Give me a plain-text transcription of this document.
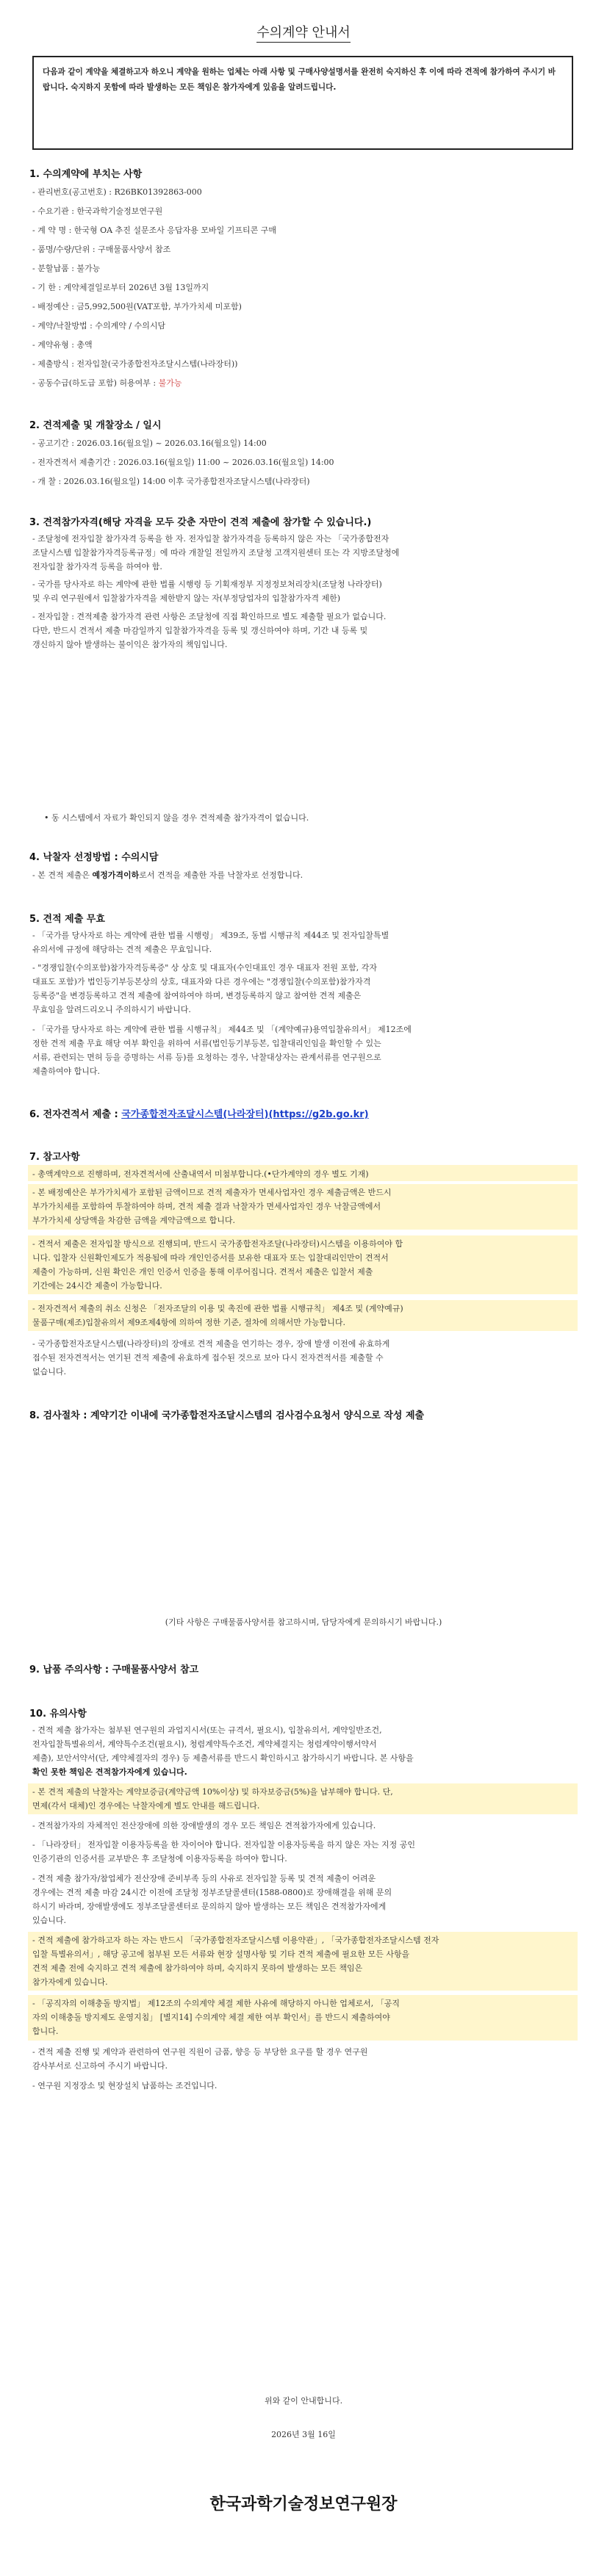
수의계약 안내서
다음과 같이 계약을 체결하고자 하오니 계약을 원하는 업체는 아래 사항 및 구매사양설명서를 완전히 숙지하신 후 이에 따라 견적에 참가하여 주시기 바랍니다. 숙지하지 못함에 따라 발생하는 모든 책임은 참가자에게 있음을 알려드립니다.
1. 수의계약에 부치는 사항
- 관리번호(공고번호) : R26BK01392863-000
- 수요기관 : 한국과학기술정보연구원
- 계 약 명 : 한국형 OA 추진 설문조사 응답자용 모바일 기프티콘 구매
- 품명/수량/단위 : 구매물품사양서 참조
- 분할납품 : 불가능
- 기 한 : 계약체결일로부터 2026년 3월 13일까지
- 배정예산 : 금5,992,500원(VAT포함, 부가가치세 미포함)
- 계약/낙찰방법 : 수의계약 / 수의시담
- 계약유형 : 총액
- 제출방식 : 전자입찰(국가종합전자조달시스템(나라장터))
- 공동수급(하도급 포함) 허용여부 : 불가능
2. 견적제출 및 개찰장소 / 일시
- 공고기간 : 2026.03.16(월요일) ~ 2026.03.16(월요일) 14:00
- 전자견적서 제출기간 : 2026.03.16(월요일) 11:00 ~ 2026.03.16(월요일) 14:00
- 개 찰 : 2026.03.16(월요일) 14:00 이후 국가종합전자조달시스템(나라장터)
3. 견적참가자격(해당 자격을 모두 갖춘 자만이 견적 제출에 참가할 수 있습니다.)
- 조달청에 전자입찰 참가자격 등록을 한 자. 전자입찰 참가자격을 등록하지 않은 자는 「국가종합전자
조달시스템 입찰참가자격등록규정」에 따라 개찰일 전일까지 조달청 고객지원센터 또는 각 지방조달청에
전자입찰 참가자격 등록을 하여야 함.
- 국가를 당사자로 하는 계약에 관한 법률 시행령 등 기획재정부 지정정보처리장치(조달청 나라장터)
및 우리 연구원에서 입찰참가자격을 제한받지 않는 자(부정당업자의 입찰참가자격 제한)
- 전자입찰 : 견적제출 참가자격 관련 사항은 조달청에 직접 확인하므로 별도 제출할 필요가 없습니다.
다만, 반드시 견적서 제출 마감일까지 입찰참가자격을 등록 및 갱신하여야 하며, 기간 내 등록 및
갱신하지 않아 발생하는 불이익은 참가자의 책임입니다.
• 동 시스템에서 자료가 확인되지 않을 경우 견적제출 참가자격이 없습니다.
4. 낙찰자 선정방법 : 수의시담
- 본 견적 제출은 예정가격이하로서 견적을 제출한 자를 낙찰자로 선정합니다.
5. 견적 제출 무효
- 「국가를 당사자로 하는 계약에 관한 법률 시행령」 제39조, 동법 시행규칙 제44조 및 전자입찰특별
유의서에 규정에 해당하는 견적 제출은 무효입니다.
- "경쟁입찰(수의포함)참가자격등록증" 상 상호 및 대표자(수인대표인 경우 대표자 전원 포함, 각자
대표도 포함)가 법인등기부등본상의 상호, 대표자와 다른 경우에는 "경쟁입찰(수의포함)참가자격
등록증"을 변경등록하고 견적 제출에 참여하여야 하며, 변경등록하지 않고 참여한 견적 제출은
무효임을 알려드리오니 주의하시기 바랍니다.
- 「국가를 당사자로 하는 계약에 관한 법률 시행규칙」 제44조 및 「(계약예규)용역입찰유의서」 제12조에
정한 견적 제출 무효 해당 여부 확인을 위하여 서류(법인등기부등본, 입찰대리인임을 확인할 수 있는
서류, 관련되는 면허 등을 증명하는 서류 등)를 요청하는 경우, 낙찰대상자는 관계서류를 연구원으로
제출하여야 합니다.
6. 전자견적서 제출 : 국가종합전자조달시스템(나라장터)(https://g2b.go.kr)
7. 참고사항
- 총액계약으로 진행하며, 전자견적서에 산출내역서 미첨부합니다.(•단가계약의 경우 별도 기재)
- 본 배정예산은 부가가치세가 포함된 금액이므로 견적 제출자가 면세사업자인 경우 제출금액은 반드시
부가가치세를 포함하여 투찰하여야 하며, 견적 제출 결과 낙찰자가 면세사업자인 경우 낙찰금액에서
부가가치세 상당액을 차감한 금액을 계약금액으로 합니다.
- 견적서 제출은 전자입찰 방식으로 진행되며, 반드시 국가종합전자조달(나라장터)시스템을 이용하여야 합
니다. 입찰자 신원확인제도가 적용됨에 따라 개인인증서를 보유한 대표자 또는 입찰대리인만이 견적서
제출이 가능하며, 신원 확인은 개인 인증서 인증을 통해 이루어집니다. 견적서 제출은 입찰서 제출
기간에는 24시간 제출이 가능합니다.
- 전자견적서 제출의 취소 신청은 「전자조달의 이용 및 촉진에 관한 법률 시행규칙」 제4조 및 (계약예규)
물품구매(제조)입찰유의서 제9조제4항에 의하여 정한 기준, 절차에 의해서만 가능합니다.
- 국가종합전자조달시스템(나라장터)의 장애로 견적 제출을 연기하는 경우, 장애 발생 이전에 유효하게
접수된 전자견적서는 연기된 견적 제출에 유효하게 접수된 것으로 보아 다시 전자견적서를 제출할 수
없습니다.
8. 검사절차 : 계약기간 이내에 국가종합전자조달시스템의 검사검수요청서 양식으로 작성 제출
(기타 사항은 구매물품사양서를 참고하시며, 담당자에게 문의하시기 바랍니다.)
9. 납품 주의사항 : 구매물품사양서 참고
10. 유의사항
- 견적 제출 참가자는 첨부된 연구원의 과업지시서(또는 규격서, 필요시), 입찰유의서, 계약일반조건,
전자입찰특별유의서, 계약특수조건(필요시), 청렴계약특수조건, 계약체결지는 청렴계약이행서약서
제출), 보안서약서(단, 계약체결자의 경우) 등 제출서류를 반드시 확인하시고 참가하시기 바랍니다. 본 사항을
확인 못한 책임은 견적참가자에게 있습니다.
- 본 견적 제출의 낙찰자는 계약보증금(계약금액 10%이상) 및 하자보증금(5%)을 납부해야 합니다. 단,
면제(각서 대체)인 경우에는 낙찰자에게 별도 안내를 해드립니다.
- 견적참가자의 자체적인 전산장애에 의한 장애발생의 경우 모든 책임은 견적참가자에게 있습니다.
- 「나라장터」 전자입찰 이용자등록을 한 자이어야 합니다. 전자입찰 이용자등록을 하지 않은 자는 지정 공인
인증기관의 인증서를 교부받은 후 조달청에 이용자등록을 하여야 합니다.
- 견적 제출 참가자/참업체가 전산장애 준비부족 등의 사유로 전자입찰 등록 및 견적 제출이 어려운
경우에는 견적 제출 마감 24시간 이전에 조달청 정부조달콜센터(1588-0800)로 장애해결을 위해 문의
하시기 바라며, 장애발생에도 정부조달콜센터로 문의하지 않아 발생하는 모든 책임은 견적참가자에게
있습니다.
- 견적 제출에 참가하고자 하는 자는 반드시 「국가종합전자조달시스템 이용약관」, 「국가종합전자조달시스템 전자
입찰 특별유의서」, 해당 공고에 첨부된 모든 서류와 현장 설명사항 및 기타 견적 제출에 필요한 모든 사항을
견적 제출 전에 숙지하고 견적 제출에 참가하여야 하며, 숙지하지 못하여 발생하는 모든 책임은
참가자에게 있습니다.
- 「공직자의 이해충돌 방지법」 제12조의 수의계약 체결 제한 사유에 해당하지 아니한 업체로서, 「공직
자의 이해충돌 방지제도 운영지침」 [별지14] 수의계약 체결 제한 여부 확인서」를 반드시 제출하여야
합니다.
- 견적 제출 진행 및 계약과 관련하여 연구원 직원이 금품, 향응 등 부당한 요구를 할 경우 연구원
감사부서로 신고하여 주시기 바랍니다.
- 연구원 지정장소 및 현장설치 납품하는 조건입니다.
위와 같이 안내합니다.
2026년 3월 16일
한국과학기술정보연구원장
